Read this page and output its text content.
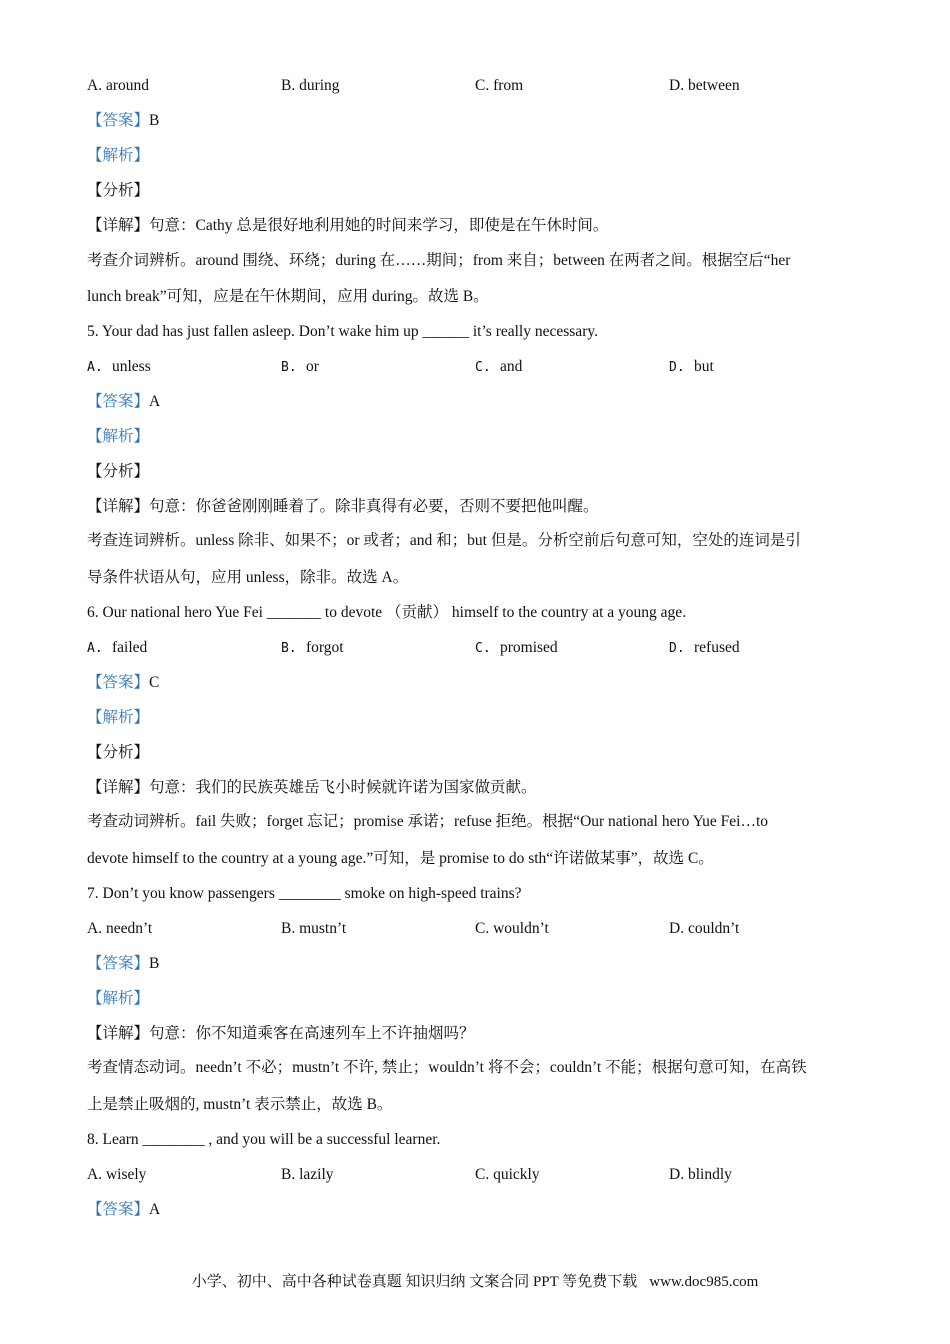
A. around	B. during	C. from	D. between
【答案】B
【解析】
【分析】
【详解】句意：Cathy 总是很好地利用她的时间来学习，即使是在午休时间。
考查介词辨析。around 围绕、环绕；during 在……期间；from 来自；between 在两者之间。根据空后“her
lunch break”可知，应是在午休期间，应用 during。故选 B。
5. Your dad has just fallen asleep. Don’t wake him up ______ it’s really necessary.
A. unless	B. or	C. and	D. but
【答案】A
【解析】
【分析】
【详解】句意：你爸爸刚刚睡着了。除非真得有必要，否则不要把他叫醒。
考查连词辨析。unless 除非、如果不；or 或者；and 和；but 但是。分析空前后句意可知，空处的连词是引
导条件状语从句，应用 unless，除非。故选 A。
6. Our national hero Yue Fei _______ to devote （贡献） himself to the country at a young age.
A. failed	B. forgot	C. promised	D. refused
【答案】C
【解析】
【分析】
【详解】句意：我们的民族英雄岳飞小时候就许诺为国家做贡献。
考查动词辨析。fail 失败；forget 忘记；promise 承诺；refuse 拒绝。根据“Our national hero Yue Fei…to
devote himself to the country at a young age.”可知，是 promise to do sth“许诺做某事”，故选 C。
7. Don’t you know passengers ________ smoke on high-speed trains?
A. needn’t	B. mustn’t	C. wouldn’t	D. couldn’t
【答案】B
【解析】
【详解】句意：你不知道乘客在高速列车上不许抽烟吗？
考查情态动词。needn’t 不必；mustn’t 不许, 禁止；wouldn’t 将不会；couldn’t 不能；根据句意可知，在高铁
上是禁止吸烟的, mustn’t 表示禁止，故选 B。
8. Learn ________ , and you will be a successful learner.
A. wisely	B. lazily	C. quickly	D. blindly
【答案】A
小学、初中、高中各种试卷真题 知识归纳 文案合同 PPT 等免费下载 www.doc985.com
